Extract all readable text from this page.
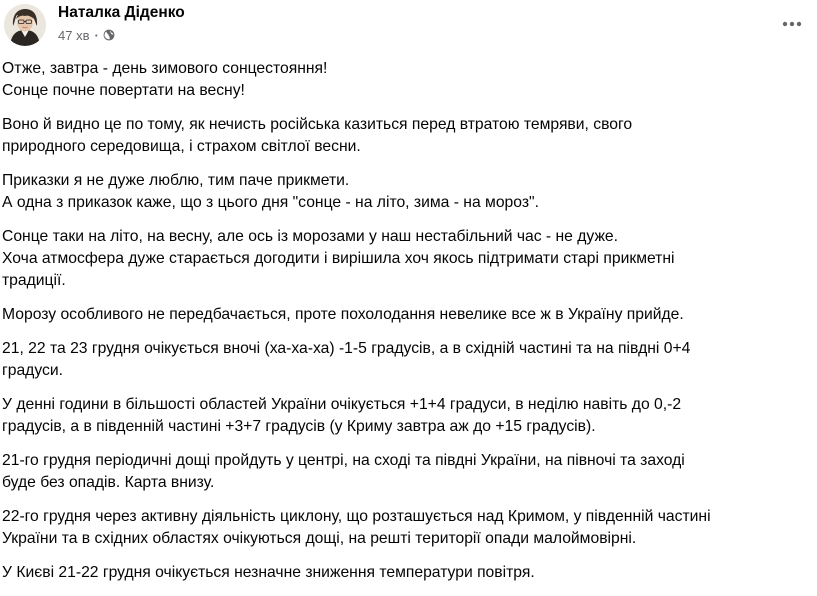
Наталка Діденко
47 хв ·

Отже, завтра - день зимового сонцестояння!
Сонце почне повертати на весну!

Воно й видно це по тому, як нечисть російська казиться перед втратою темряви, свого
природного середовища, і страхом світлої весни.

Приказки я не дуже люблю, тим паче прикмети.
А одна з приказок каже, що з цього дня "сонце - на літо, зима - на мороз".

Сонце таки на літо, на весну, але ось із морозами у наш нестабільний час - не дуже.
Хоча атмосфера дуже старається догодити і вирішила хоч якось підтримати старі прикметні
традиції.

Морозу особливого не передбачається, проте похолодання невелике все ж в Україну прийде.

21, 22 та 23 грудня очікується вночі (ха-ха-ха) -1-5 градусів, а в східній частині та на півдні 0+4
градуси.

У денні години в більшості областей України очікується +1+4 градуси, в неділю навіть до 0,-2
градусів, а в південній частині +3+7 градусів (у Криму завтра аж до +15 градусів).

21-го грудня періодичні дощі пройдуть у центрі, на сході та півдні України, на півночі та заході
буде без опадів. Карта внизу.

22-го грудня через активну діяльність циклону, що розташується над Кримом, у південній частині
України та в східних областях очікуються дощі, на решті території опади малоймовірні.

У Києві 21-22 грудня очікується незначне зниження температури повітря.
